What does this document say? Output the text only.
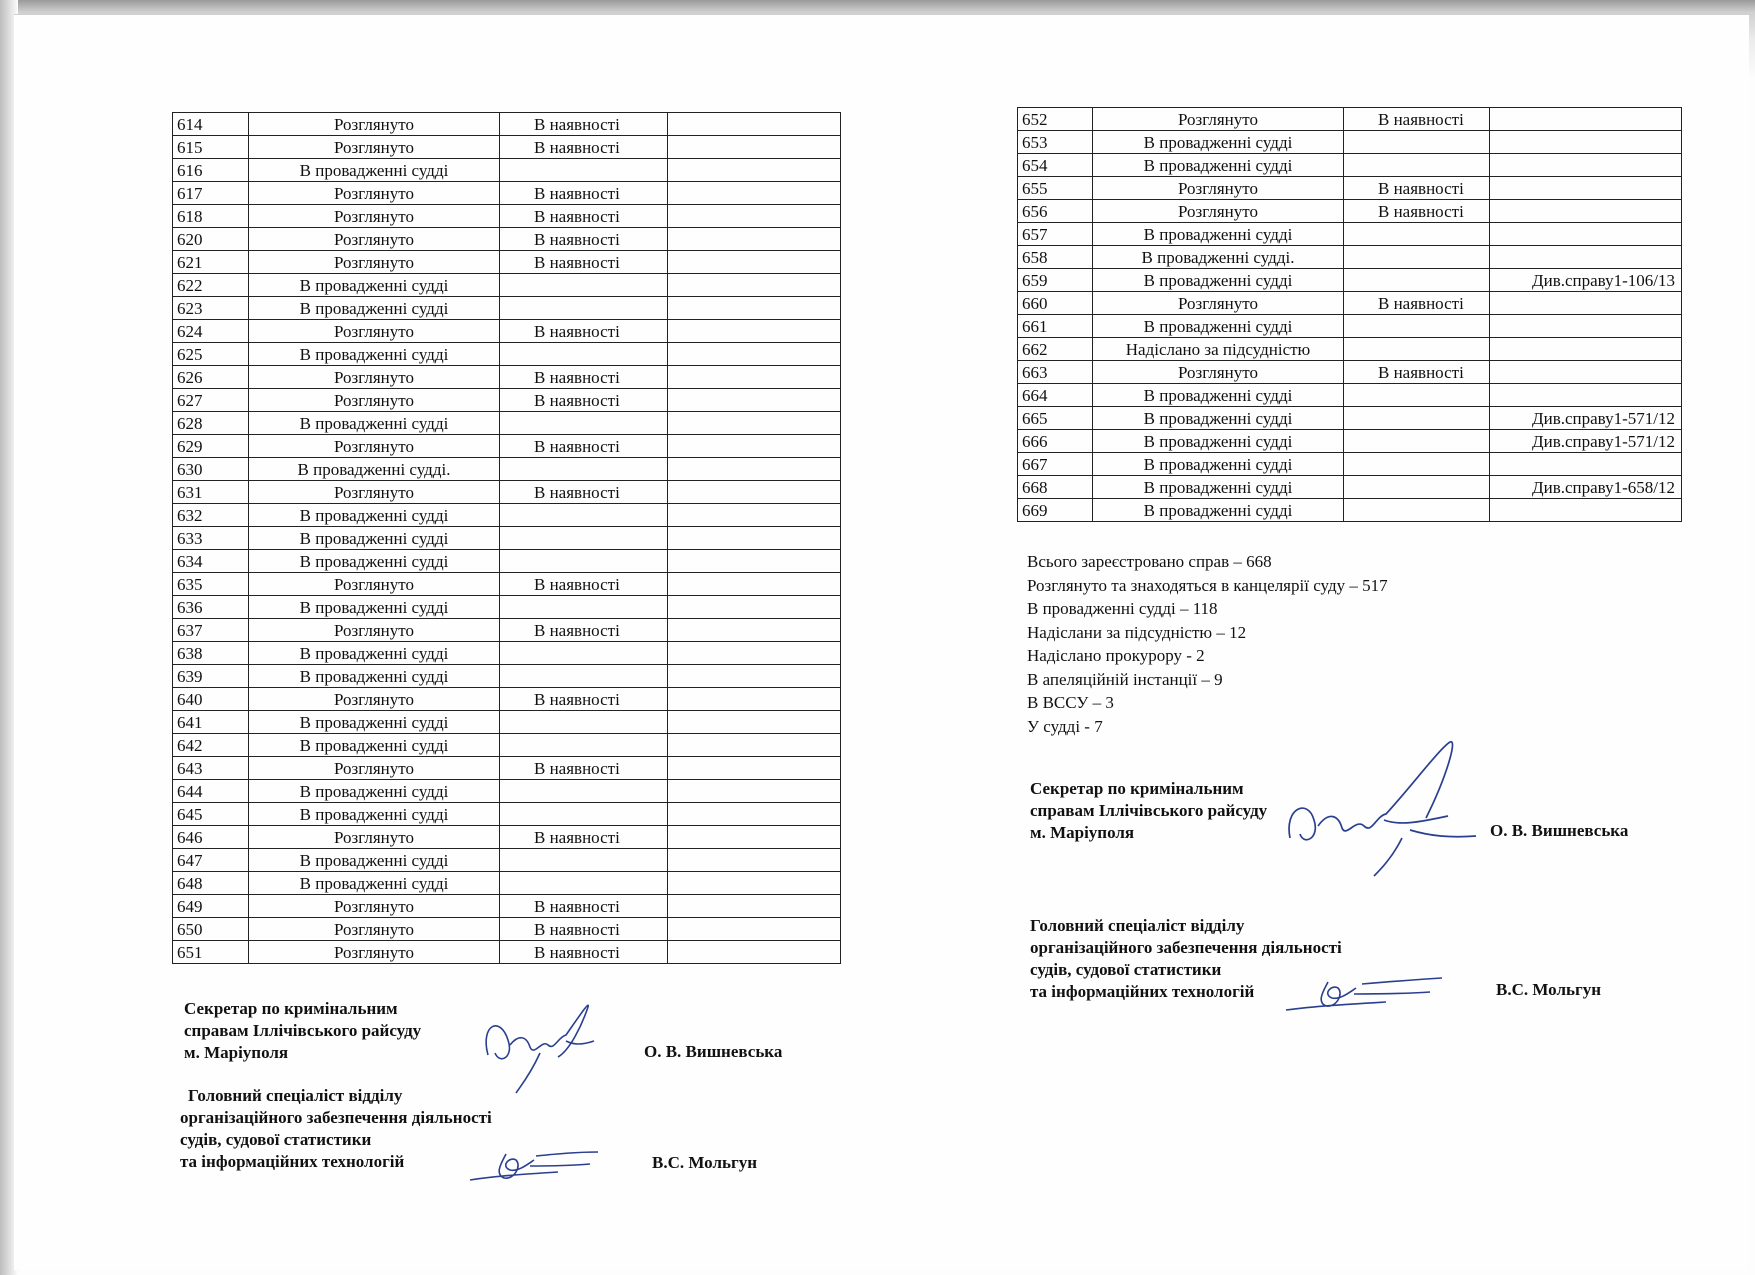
614	Розглянуто	В наявності	
615	Розглянуто	В наявності	
616	В провадженні судді		
617	Розглянуто	В наявності	
618	Розглянуто	В наявності	
620	Розглянуто	В наявності	
621	Розглянуто	В наявності	
622	В провадженні судді		
623	В провадженні судді		
624	Розглянуто	В наявності	
625	В провадженні судді		
626	Розглянуто	В наявності	
627	Розглянуто	В наявності	
628	В провадженні судді		
629	Розглянуто	В наявності	
630	В провадженні судді.		
631	Розглянуто	В наявності	
632	В провадженні судді		
633	В провадженні судді		
634	В провадженні судді		
635	Розглянуто	В наявності	
636	В провадженні судді		
637	Розглянуто	В наявності	
638	В провадженні судді		
639	В провадженні судді		
640	Розглянуто	В наявності	
641	В провадженні судді		
642	В провадженні судді		
643	Розглянуто	В наявності	
644	В провадженні судді		
645	В провадженні судді		
646	Розглянуто	В наявності	
647	В провадженні судді		
648	В провадженні судді		
649	Розглянуто	В наявності	
650	Розглянуто	В наявності	
651	Розглянуто	В наявності	
652	Розглянуто	В наявності	
653	В провадженні судді		
654	В провадженні судді		
655	Розглянуто	В наявності	
656	Розглянуто	В наявності	
657	В провадженні судді		
658	В провадженні судді.		
659	В провадженні судді		Див.справу1-106/13
660	Розглянуто	В наявності	
661	В провадженні судді		
662	Надіслано за підсудністю		
663	Розглянуто	В наявності	
664	В провадженні судді		
665	В провадженні судді		Див.справу1-571/12
666	В провадженні судді		Див.справу1-571/12
667	В провадженні судді		
668	В провадженні судді		Див.справу1-658/12
669	В провадженні судді		
Всього зареєстровано справ – 668
Розглянуто та знаходяться в канцелярії суду – 517
В провадженні судді – 118
Надіслани за підсудністю – 12
Надіслано прокурору - 2
В апеляційній інстанції – 9
В ВССУ – 3
У судді - 7
Секретар по кримінальним
справам Іллічівського райсуду
м. Маріуполя	О. В. Вишневська
Головний спеціаліст відділу
організаційного забезпечення діяльності
судів, судової статистики
та інформаційних технологій	В.С. Мольгун
Секретар по кримінальним
справам Іллічівського райсуду
м. Маріуполя	О. В. Вишневська
Головний спеціаліст відділу
організаційного забезпечення діяльності
судів, судової статистики
та інформаційних технологій	В.С. Мольгун
